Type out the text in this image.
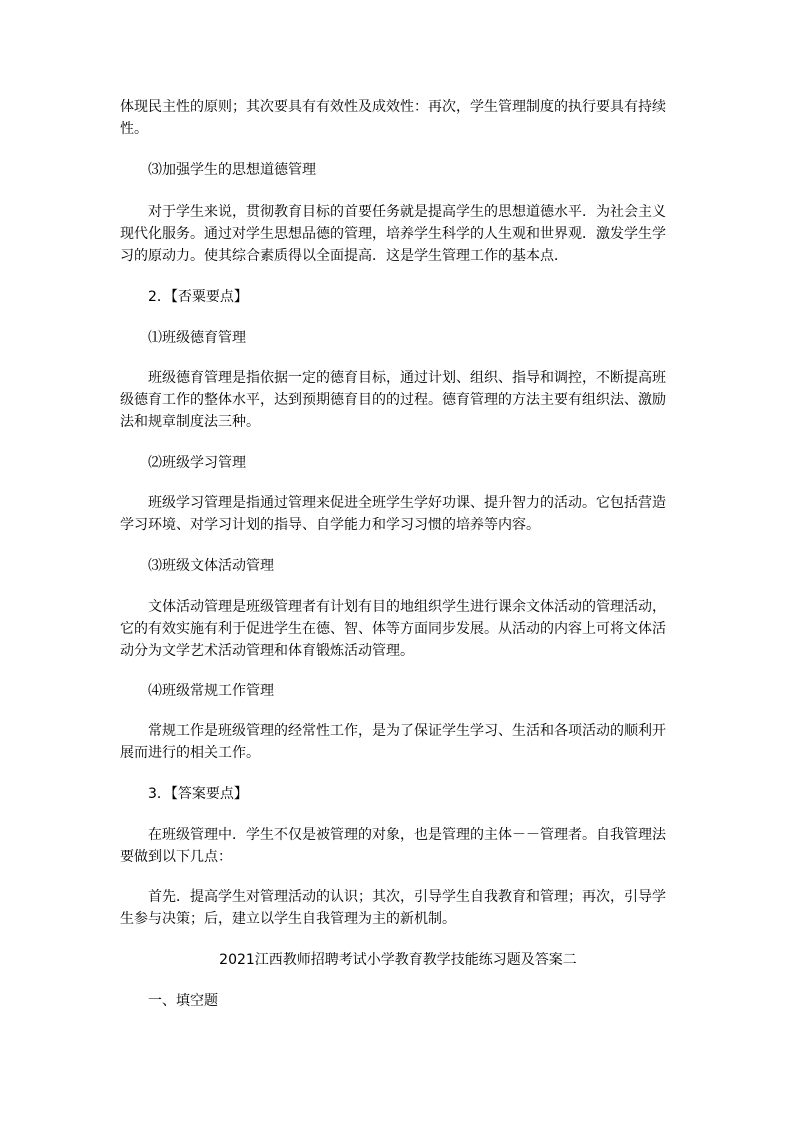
体现民主性的原则；其次要具有有效性及成效性：再次，学生管理制度的执行要具有持续性。

⑶加强学生的思想道德管理

对于学生来说，贯彻教育目标的首要任务就是提高学生的思想道德水平．为社会主义现代化服务。通过对学生思想品德的管理，培养学生科学的人生观和世界观．激发学生学习的原动力。使其综合素质得以全面提高．这是学生管理工作的基本点．

2．【否粟要点】

⑴班级德育管理

班级德育管理是指依据一定的德育目标，通过计划、组织、指导和调控，不断提高班级德育工作的整体水平，达到预期德育目的的过程。德育管理的方法主要有组织法、激励法和规章制度法三种。

⑵班级学习管理

班级学习管理是指通过管理来促进全班学生学好功课、提升智力的活动。它包括营造学习环境、对学习计划的指导、自学能力和学习习惯的培养等内容。

⑶班级文体活动管理

文体活动管理是班级管理者有计划有目的地组织学生进行课余文体活动的管理活动，它的有效实施有利于促进学生在德、智、体等方面同步发展。从活动的内容上可将文体活动分为文学艺术活动管理和体育锻炼活动管理。

⑷班级常规工作管理

常规工作是班级管理的经常性工作，是为了保证学生学习、生活和各项活动的顺利开展而进行的相关工作。

3．【答案要点】

在班级管理中．学生不仅是被管理的对象，也是管理的主体－－管理者。自我管理法要做到以下几点：

首先．提高学生对管理活动的认识；其次，引导学生自我教育和管理；再次，引导学生参与决策；后，建立以学生自我管理为主的新机制。

2021江西教师招聘考试小学教育教学技能练习题及答案二

一、填空题
